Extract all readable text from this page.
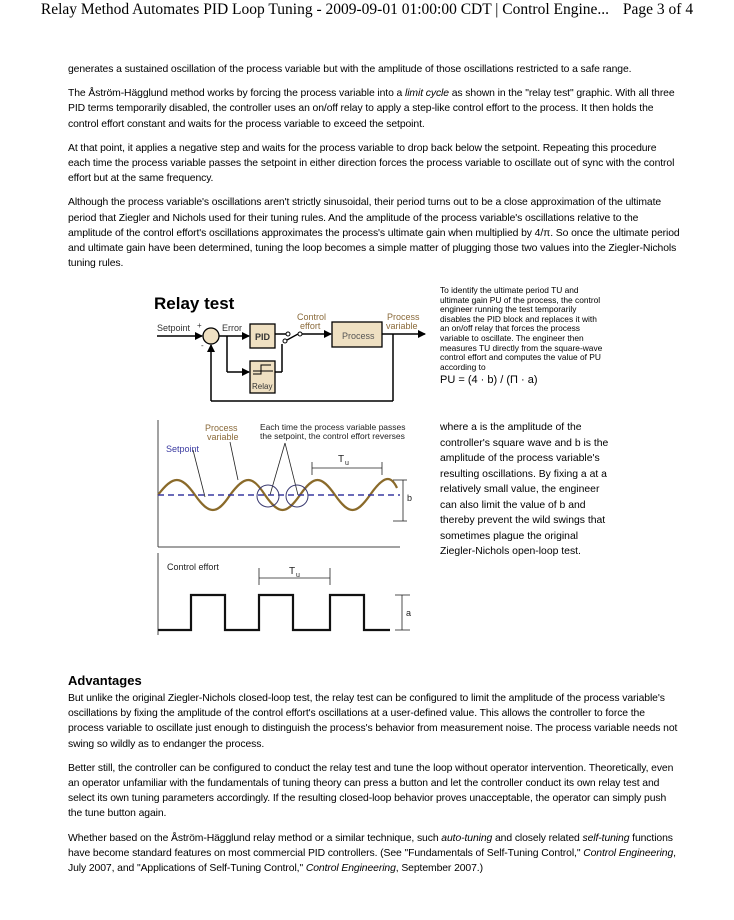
Relay Method Automates PID Loop Tuning - 2009-09-01 01:00:00 CDT | Control Engine... Page 3 of 4

generates a sustained oscillation of the process variable but with the amplitude of those oscillations restricted to a safe range.

The Åström-Hägglund method works by forcing the process variable into a limit cycle as shown in the "relay test" graphic. With all three PID terms temporarily disabled, the controller uses an on/off relay to apply a step-like control effort to the process. It then holds the control effort constant and waits for the process variable to exceed the setpoint.

At that point, it applies a negative step and waits for the process variable to drop back below the setpoint. Repeating this procedure each time the process variable passes the setpoint in either direction forces the process variable to oscillate out of sync with the control effort but at the same frequency.

Although the process variable's oscillations aren't strictly sinusoidal, their period turns out to be a close approximation of the ultimate period that Ziegler and Nichols used for their tuning rules. And the amplitude of the process variable's oscillations relative to the amplitude of the control effort's oscillations approximates the process's ultimate gain when multiplied by 4/π. So once the ultimate period and ultimate gain have been determined, tuning the loop becomes a simple matter of plugging those two values into the Ziegler-Nichols tuning rules.

Relay test
Setpoint +
-
Error
PID
Relay
Control
effort
Process
Process
variable
Process
variable
Setpoint
Each time the process variable passes
the setpoint, the control effort reverses
T u
b
Control effort	T u
a
To identify the ultimate period TU and ultimate gain PU of the process, the control engineer running the test temporarily disables the PID block and replaces it with an on/off relay that forces the process variable to oscillate. The engineer then measures TU directly from the square-wave control effort and computes the value of PU according to
PU = (4 · b) / (Π · a)
where a is the amplitude of the controller's square wave and b is the amplitude of the process variable's resulting oscillations. By fixing a at a relatively small value, the engineer can also limit the value of b and thereby prevent the wild swings that sometimes plague the original Ziegler-Nichols open-loop test.
Advantages

But unlike the original Ziegler-Nichols closed-loop test, the relay test can be configured to limit the amplitude of the process variable's oscillations by fixing the amplitude of the control effort's oscillations at a user-defined value. This allows the controller to force the process variable to oscillate just enough to distinguish the process's behavior from measurement noise. The process variable needs not swing so wildly as to endanger the process.

Better still, the controller can be configured to conduct the relay test and tune the loop without operator intervention. Theoretically, even an operator unfamiliar with the fundamentals of tuning theory can press a button and let the controller conduct its own relay test and select its own tuning parameters accordingly. If the resulting closed-loop behavior proves unacceptable, the operator can simply push the tune button again.

Whether based on the Åström-Hägglund relay method or a similar technique, such auto-tuning and closely related self-tuning functions have become standard features on most commercial PID controllers. (See "Fundamentals of Self-Tuning Control," Control Engineering, July 2007, and "Applications of Self-Tuning Control," Control Engineering, September 2007.)
